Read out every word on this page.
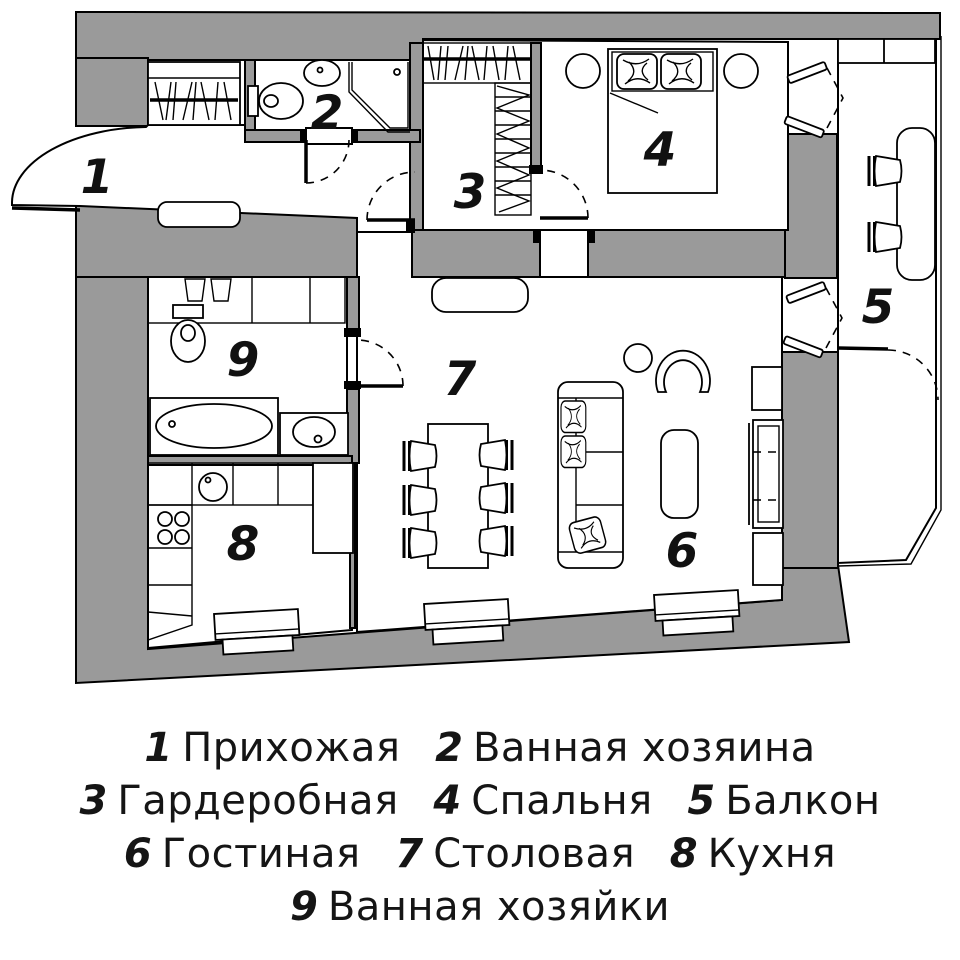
1
2
3
4
5
6
7
8
9
1 Прихожая 2 Ванная хозяина
3 Гардеробная 4 Спальня 5 Балкон
6 Гостиная 7 Столовая 8 Кухня
9 Ванная хозяйки
